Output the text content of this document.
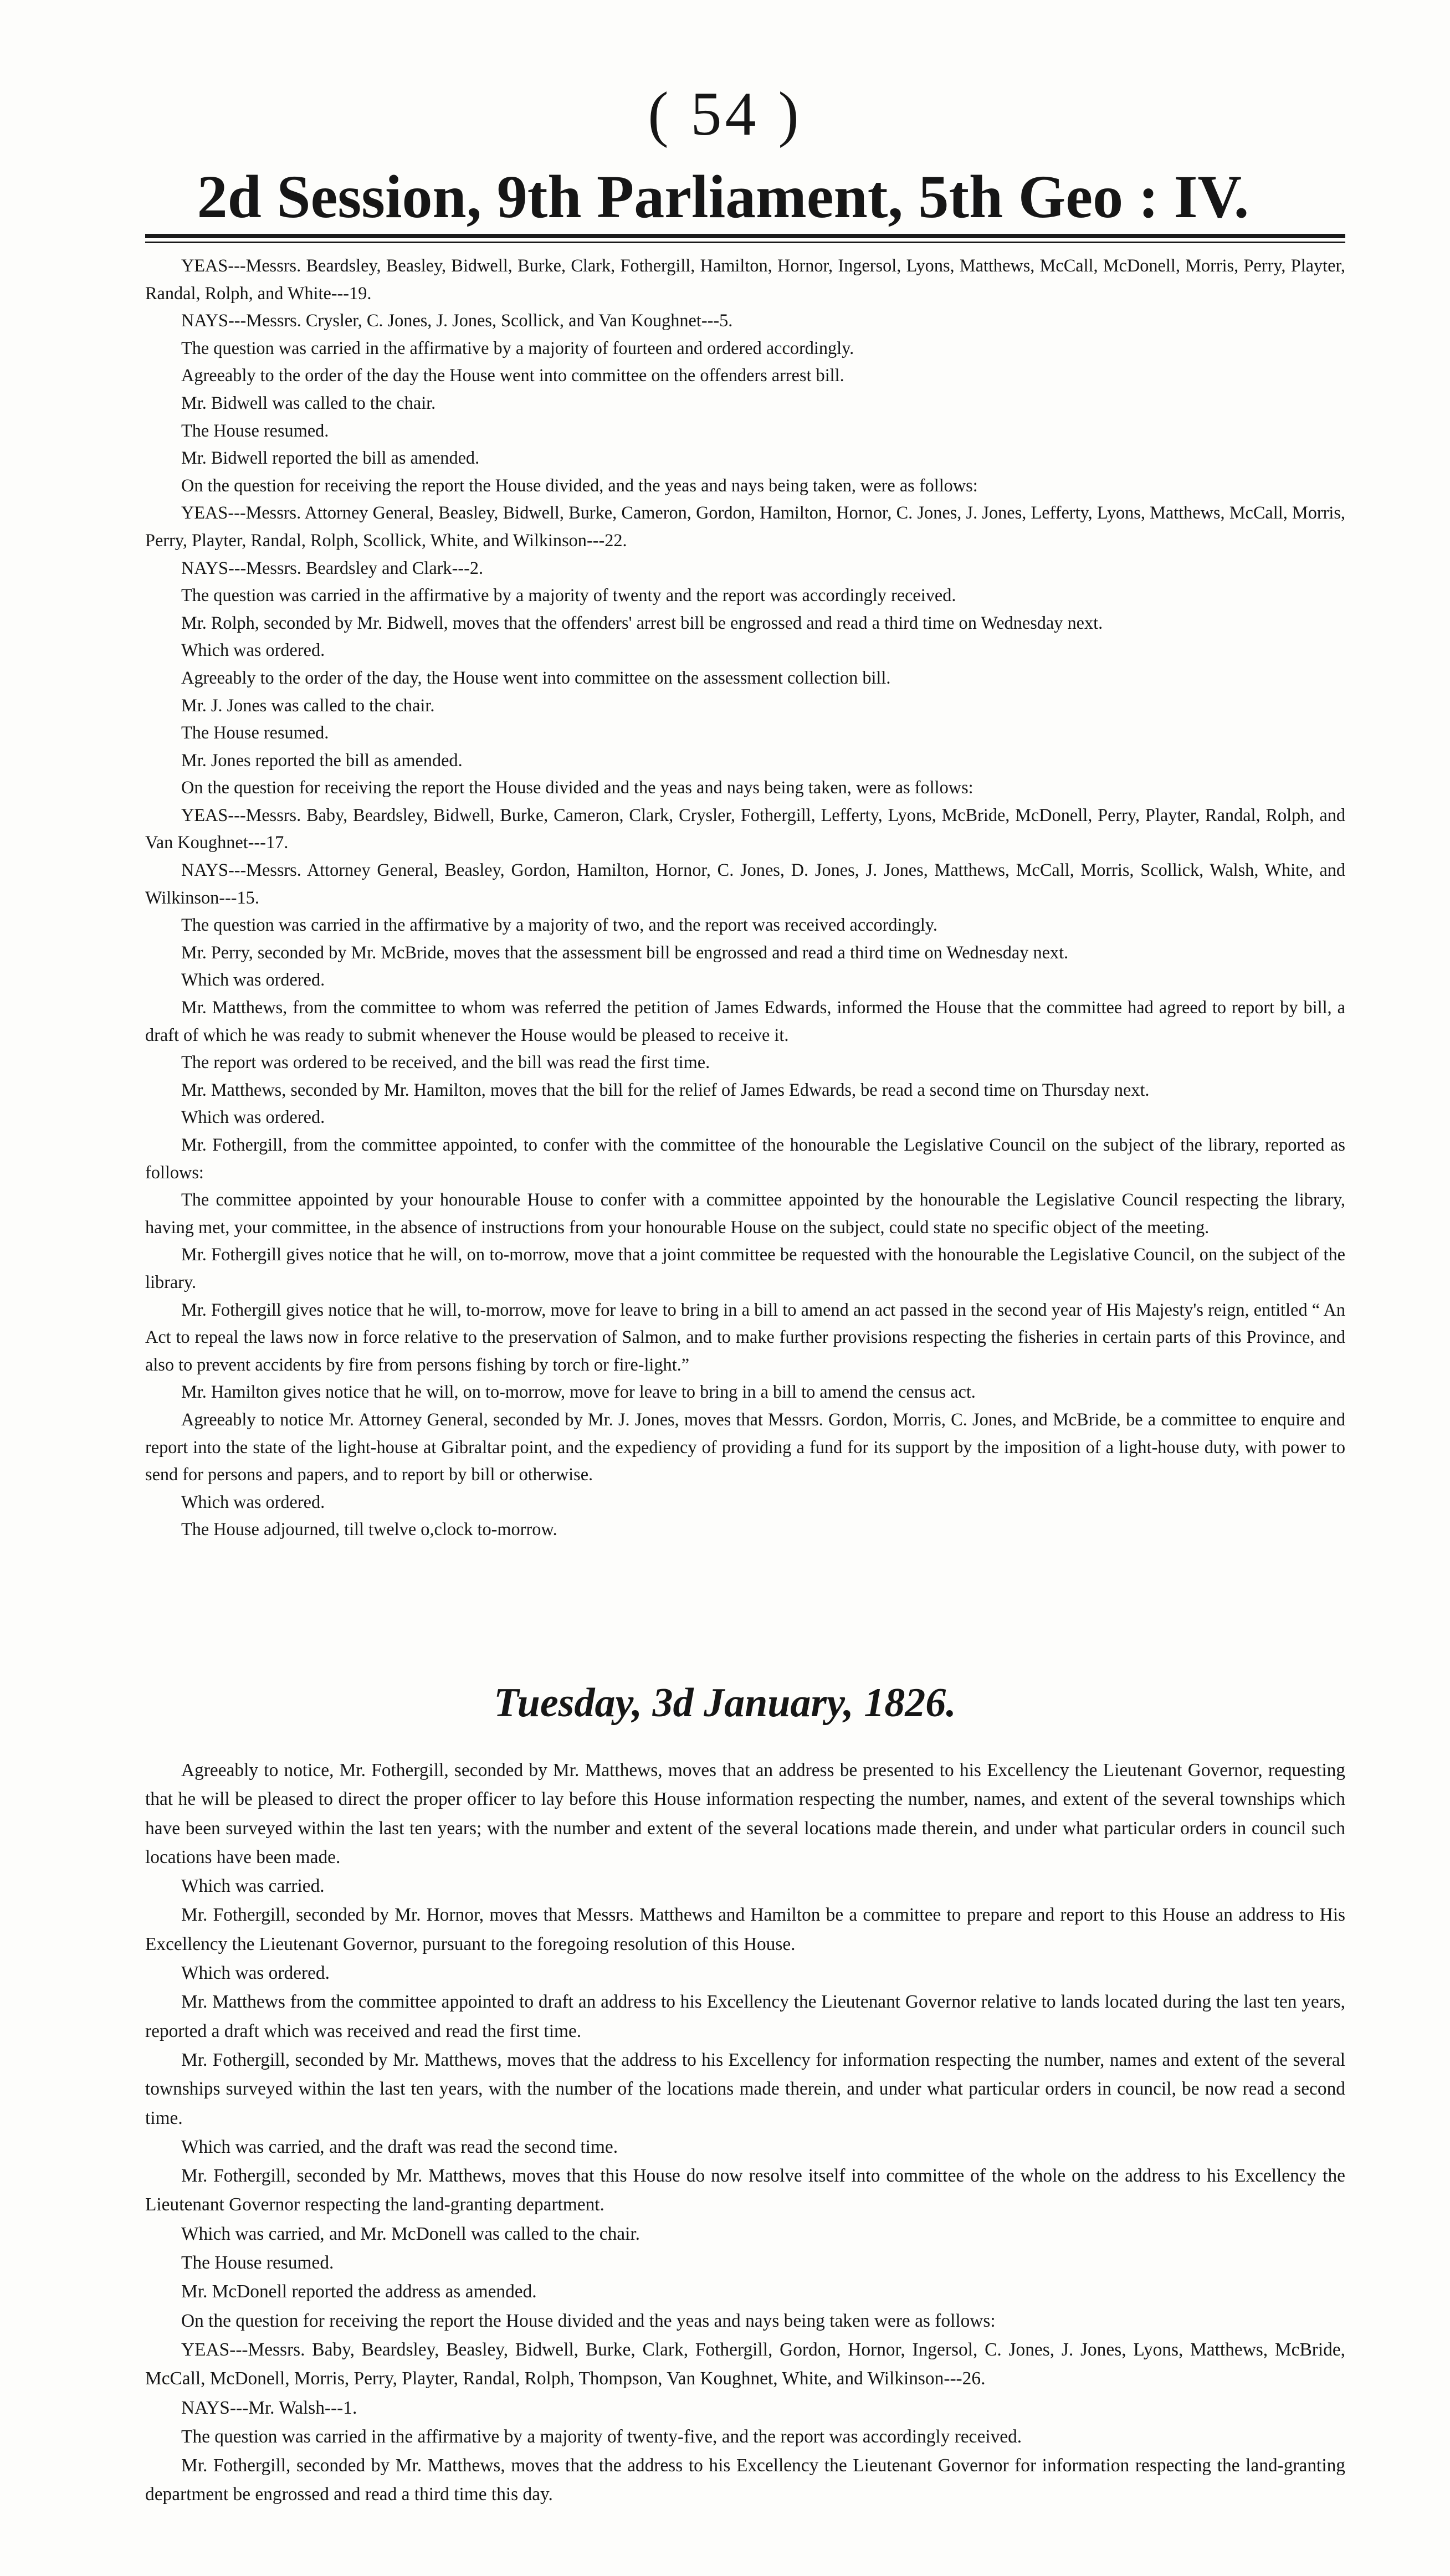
( 54 )
2d Session, 9th Parliament, 5th Geo : IV.

YEAS---Messrs. Beardsley, Beasley, Bidwell, Burke, Clark, Fothergill, Hamilton, Hornor, Ingersol, Lyons, Matthews, McCall, McDonell, Morris, Perry, Playter, Randal, Rolph, and White---19.

NAYS---Messrs. Crysler, C. Jones, J. Jones, Scollick, and Van Koughnet---5.

The question was carried in the affirmative by a majority of fourteen and ordered accordingly.

Agreeably to the order of the day the House went into committee on the offenders arrest bill.

Mr. Bidwell was called to the chair.

The House resumed.

Mr. Bidwell reported the bill as amended.

On the question for receiving the report the House divided, and the yeas and nays being taken, were as follows:

YEAS---Messrs. Attorney General, Beasley, Bidwell, Burke, Cameron, Gordon, Hamilton, Hornor, C. Jones, J. Jones, Lefferty, Lyons, Matthews, McCall, Morris, Perry, Playter, Randal, Rolph, Scollick, White, and Wilkinson---22.

NAYS---Messrs. Beardsley and Clark---2.

The question was carried in the affirmative by a majority of twenty and the report was accordingly received.

Mr. Rolph, seconded by Mr. Bidwell, moves that the offenders' arrest bill be engrossed and read a third time on Wednesday next.

Which was ordered.

Agreeably to the order of the day, the House went into committee on the assessment collection bill.

Mr. J. Jones was called to the chair.

The House resumed.

Mr. Jones reported the bill as amended.

On the question for receiving the report the House divided and the yeas and nays being taken, were as follows:

YEAS---Messrs. Baby, Beardsley, Bidwell, Burke, Cameron, Clark, Crysler, Fothergill, Lefferty, Lyons, McBride, McDonell, Perry, Playter, Randal, Rolph, and Van Koughnet---17.

NAYS---Messrs. Attorney General, Beasley, Gordon, Hamilton, Hornor, C. Jones, D. Jones, J. Jones, Matthews, McCall, Morris, Scollick, Walsh, White, and Wilkinson---15.

The question was carried in the affirmative by a majority of two, and the report was received accordingly.

Mr. Perry, seconded by Mr. McBride, moves that the assessment bill be engrossed and read a third time on Wednesday next.

Which was ordered.

Mr. Matthews, from the committee to whom was referred the petition of James Edwards, informed the House that the committee had agreed to report by bill, a draft of which he was ready to submit whenever the House would be pleased to receive it.

The report was ordered to be received, and the bill was read the first time.

Mr. Matthews, seconded by Mr. Hamilton, moves that the bill for the relief of James Edwards, be read a second time on Thursday next.

Which was ordered.

Mr. Fothergill, from the committee appointed, to confer with the committee of the honourable the Legislative Council on the subject of the library, reported as follows:

The committee appointed by your honourable House to confer with a committee appointed by the honourable the Legislative Council respecting the library, having met, your committee, in the absence of instructions from your honourable House on the subject, could state no specific object of the meeting.

Mr. Fothergill gives notice that he will, on to-morrow, move that a joint committee be requested with the honourable the Legislative Council, on the subject of the library.

Mr. Fothergill gives notice that he will, to-morrow, move for leave to bring in a bill to amend an act passed in the second year of His Majesty's reign, entitled “ An Act to repeal the laws now in force relative to the preservation of Salmon, and to make further provisions respecting the fisheries in certain parts of this Province, and also to prevent accidents by fire from persons fishing by torch or fire-light.”

Mr. Hamilton gives notice that he will, on to-morrow, move for leave to bring in a bill to amend the census act.

Agreeably to notice Mr. Attorney General, seconded by Mr. J. Jones, moves that Messrs. Gordon, Morris, C. Jones, and McBride, be a committee to enquire and report into the state of the light-house at Gibraltar point, and the expediency of providing a fund for its support by the imposition of a light-house duty, with power to send for persons and papers, and to report by bill or otherwise.

Which was ordered.

The House adjourned, till twelve o,clock to-morrow.

Tuesday, 3d January, 1826.

Agreeably to notice, Mr. Fothergill, seconded by Mr. Matthews, moves that an address be presented to his Excellency the Lieutenant Governor, requesting that he will be pleased to direct the proper officer to lay before this House information respecting the number, names, and extent of the several townships which have been surveyed within the last ten years; with the number and extent of the several locations made therein, and under what particular orders in council such locations have been made.

Which was carried.

Mr. Fothergill, seconded by Mr. Hornor, moves that Messrs. Matthews and Hamilton be a committee to prepare and report to this House an address to His Excellency the Lieutenant Governor, pursuant to the foregoing resolution of this House.

Which was ordered.

Mr. Matthews from the committee appointed to draft an address to his Excellency the Lieutenant Governor relative to lands located during the last ten years, reported a draft which was received and read the first time.

Mr. Fothergill, seconded by Mr. Matthews, moves that the address to his Excellency for information respecting the number, names and extent of the several townships surveyed within the last ten years, with the number of the locations made therein, and under what particular orders in council, be now read a second time.

Which was carried, and the draft was read the second time.

Mr. Fothergill, seconded by Mr. Matthews, moves that this House do now resolve itself into committee of the whole on the address to his Excellency the Lieutenant Governor respecting the land-granting department.

Which was carried, and Mr. McDonell was called to the chair.

The House resumed.

Mr. McDonell reported the address as amended.

On the question for receiving the report the House divided and the yeas and nays being taken were as follows:

YEAS---Messrs. Baby, Beardsley, Beasley, Bidwell, Burke, Clark, Fothergill, Gordon, Hornor, Ingersol, C. Jones, J. Jones, Lyons, Matthews, McBride, McCall, McDonell, Morris, Perry, Playter, Randal, Rolph, Thompson, Van Koughnet, White, and Wilkinson---26.

NAYS---Mr. Walsh---1.

The question was carried in the affirmative by a majority of twenty-five, and the report was accordingly received.

Mr. Fothergill, seconded by Mr. Matthews, moves that the address to his Excellency the Lieutenant Governor for information respecting the land-granting department be engrossed and read a third time this day.
